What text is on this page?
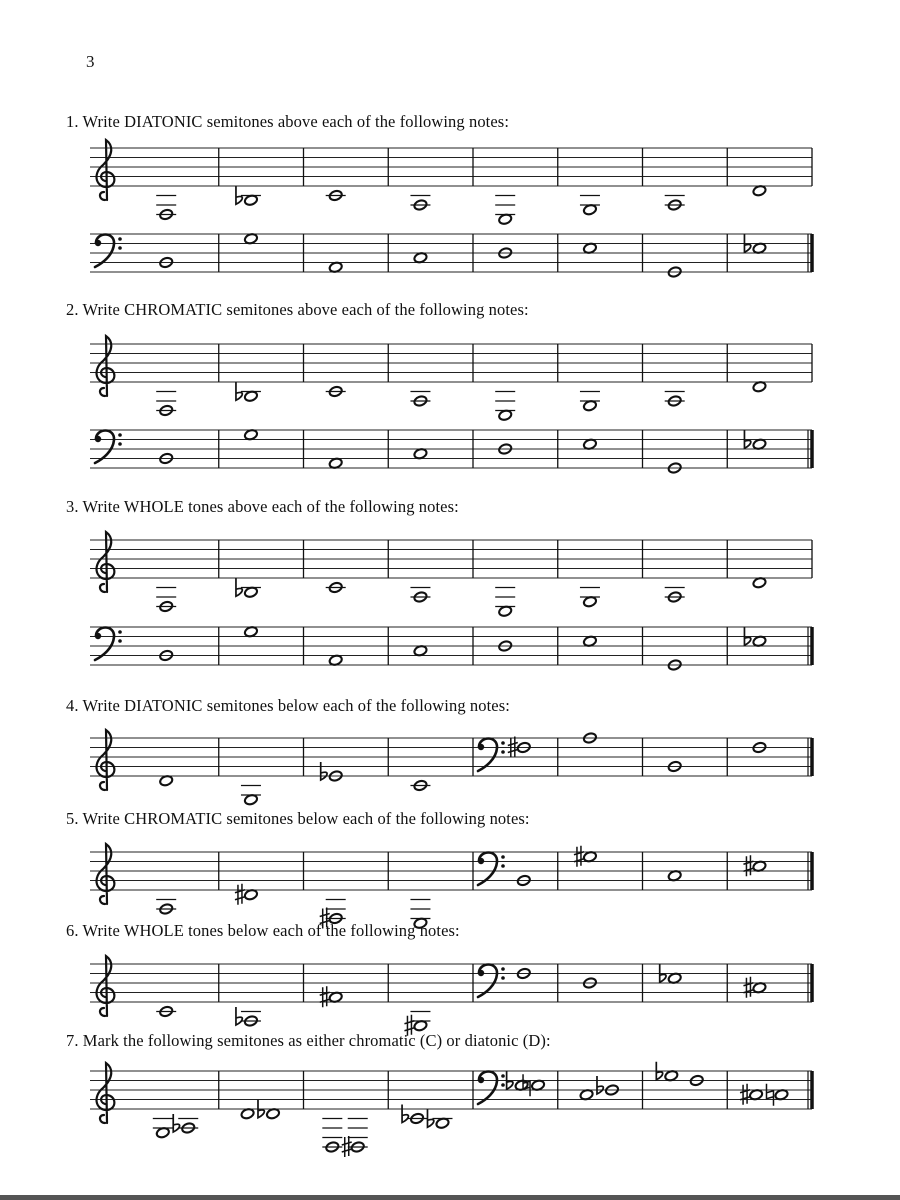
3
1. Write DIATONIC semitones above each of the following notes:
2. Write CHROMATIC semitones above each of the following notes:
3. Write WHOLE tones above each of the following notes:
4. Write DIATONIC semitones below each of the following notes:
5. Write CHROMATIC semitones below each of the following notes:
6. Write WHOLE tones below each of the following notes:
7. Mark the following semitones as either chromatic (C) or diatonic (D):
